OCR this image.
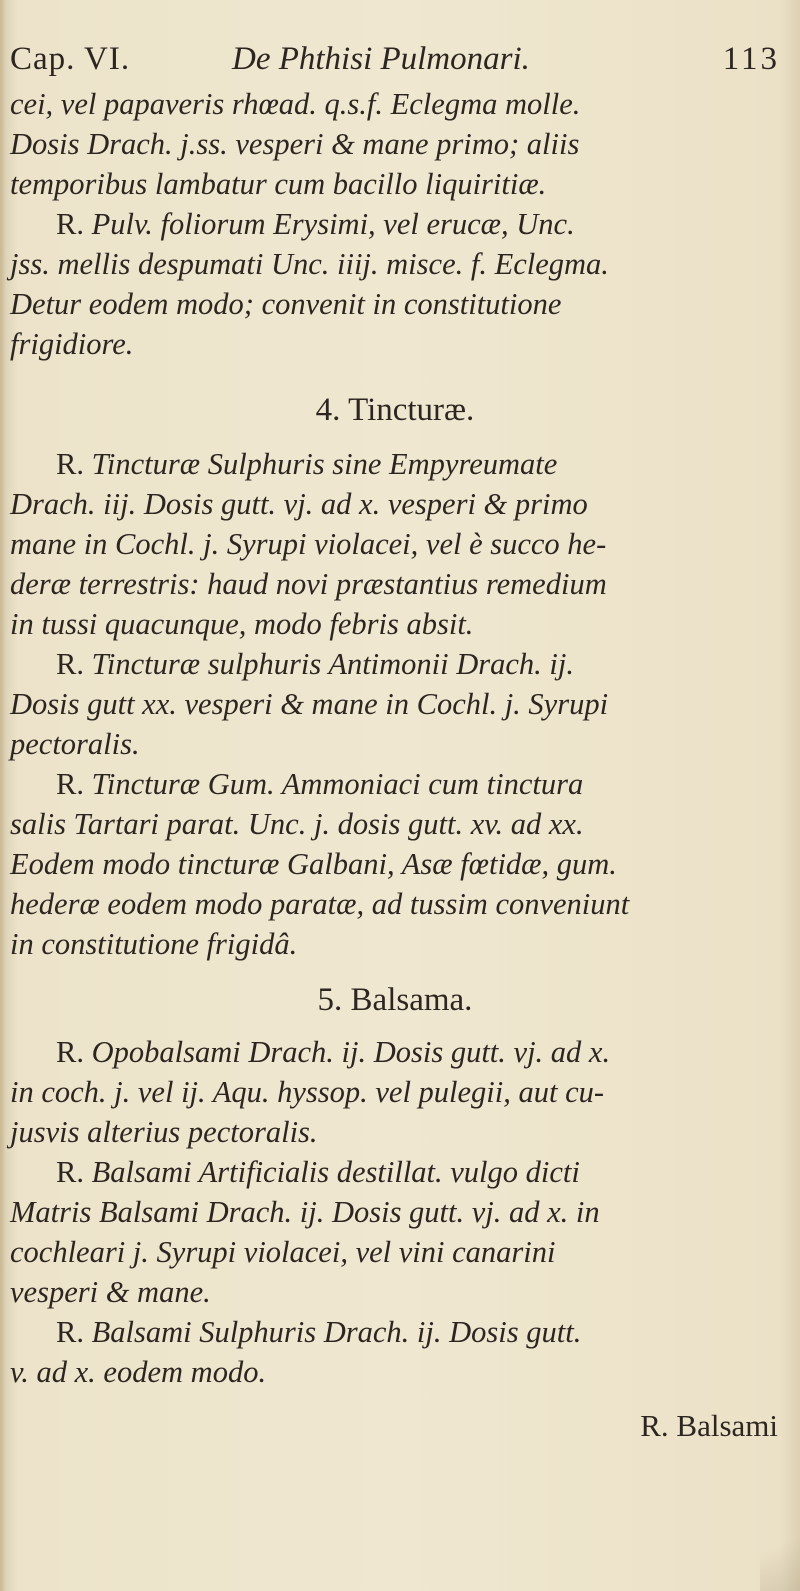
Cap. VI.	De Phthisi Pulmonari.	113
cei, vel papaveris rhœad. q.s.f. Eclegma molle.
Dosis Drach. j.ss. vesperi & mane primo; aliis
temporibus lambatur cum bacillo liquiritiæ.
R. Pulv. foliorum Erysimi, vel erucæ, Unc.
jss. mellis despumati Unc. iiij. misce. f. Eclegma.
Detur eodem modo; convenit in constitutione
frigidiore.
4. Tincturæ.
R. Tincturæ Sulphuris sine Empyreumate
Drach. iij. Dosis gutt. vj. ad x. vesperi & primo
mane in Cochl. j. Syrupi violacei, vel è succo he-
deræ terrestris: haud novi præstantius remedium
in tussi quacunque, modo febris absit.
R. Tincturæ sulphuris Antimonii Drach. ij.
Dosis gutt xx. vesperi & mane in Cochl. j. Syrupi
pectoralis.
R. Tincturæ Gum. Ammoniaci cum tinctura
salis Tartari parat. Unc. j. dosis gutt. xv. ad xx.
Eodem modo tincturæ Galbani, Asæ fœtidæ, gum.
hederæ eodem modo paratæ, ad tussim conveniunt
in constitutione frigidâ.
5. Balsama.
R. Opobalsami Drach. ij. Dosis gutt. vj. ad x.
in coch. j. vel ij. Aqu. hyssop. vel pulegii, aut cu-
jusvis alterius pectoralis.
R. Balsami Artificialis destillat. vulgo dicti
Matris Balsami Drach. ij. Dosis gutt. vj. ad x. in
cochleari j. Syrupi violacei, vel vini canarini
vesperi & mane.
R. Balsami Sulphuris Drach. ij. Dosis gutt.
v. ad x. eodem modo.
R. Balsami
